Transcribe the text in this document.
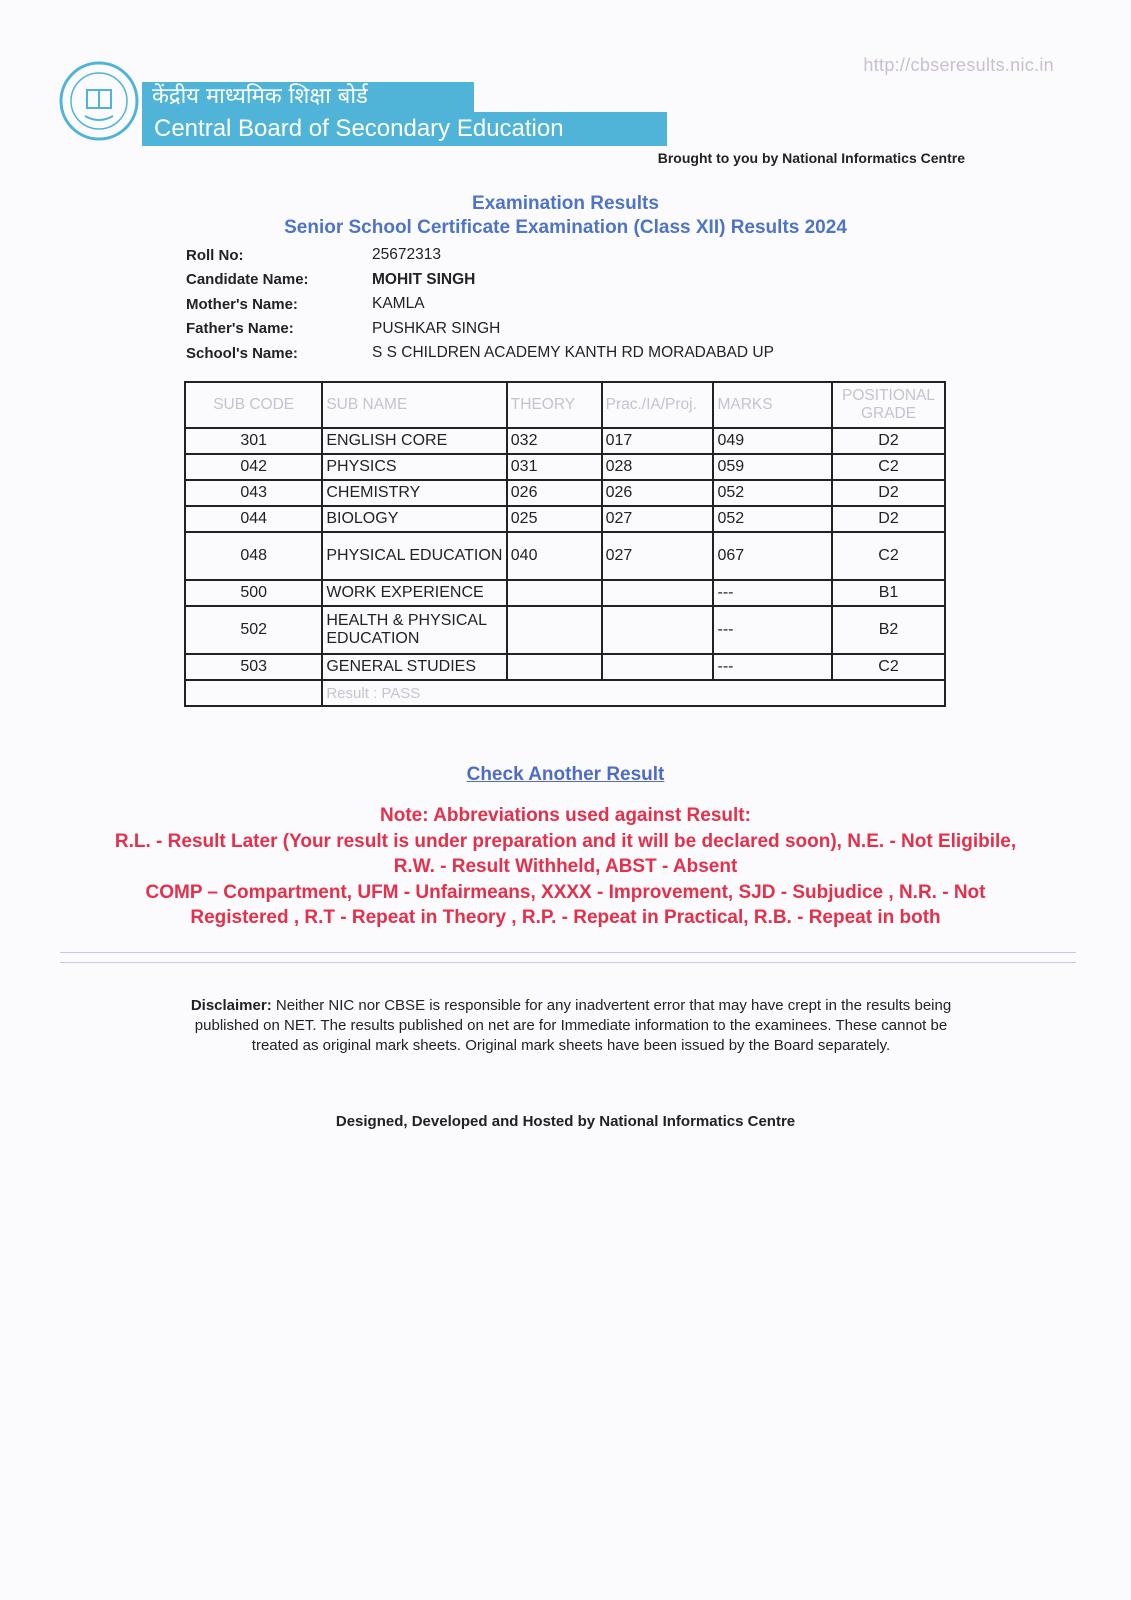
केंद्रीय माध्यमिक शिक्षा बोर्ड
Central Board of Secondary Education
http://cbseresults.nic.in
Brought to you by National Informatics Centre
Examination Results
Senior School Certificate Examination (Class XII) Results 2024
Roll No:	25672313
Candidate Name:	MOHIT SINGH
Mother's Name:	KAMLA
Father's Name:	PUSHKAR SINGH
School's Name:	S S CHILDREN ACADEMY KANTH RD MORADABAD UP
SUB CODE	SUB NAME	THEORY	Prac./IA/Proj.	MARKS	POSITIONAL GRADE
301	ENGLISH CORE	032	017	049	D2
042	PHYSICS	031	028	059	C2
043	CHEMISTRY	026	026	052	D2
044	BIOLOGY	025	027	052	D2
048	PHYSICAL EDUCATION	040	027	067	C2
500	WORK EXPERIENCE			---	B1
502	HEALTH & PHYSICAL EDUCATION			---	B2
503	GENERAL STUDIES			---	C2
	Result : PASS				
Check Another Result
Note: Abbreviations used against Result:
R.L. - Result Later (Your result is under preparation and it will be declared soon), N.E. - Not Eligibile,
R.W. - Result Withheld, ABST - Absent
COMP – Compartment, UFM - Unfairmeans, XXXX - Improvement, SJD - Subjudice , N.R. - Not
Registered , R.T - Repeat in Theory , R.P. - Repeat in Practical, R.B. - Repeat in both
Disclaimer: Neither NIC nor CBSE is responsible for any inadvertent error that may have crept in the results being published on NET. The results published on net are for Immediate information to the examinees. These cannot be treated as original mark sheets. Original mark sheets have been issued by the Board separately.
Designed, Developed and Hosted by National Informatics Centre
